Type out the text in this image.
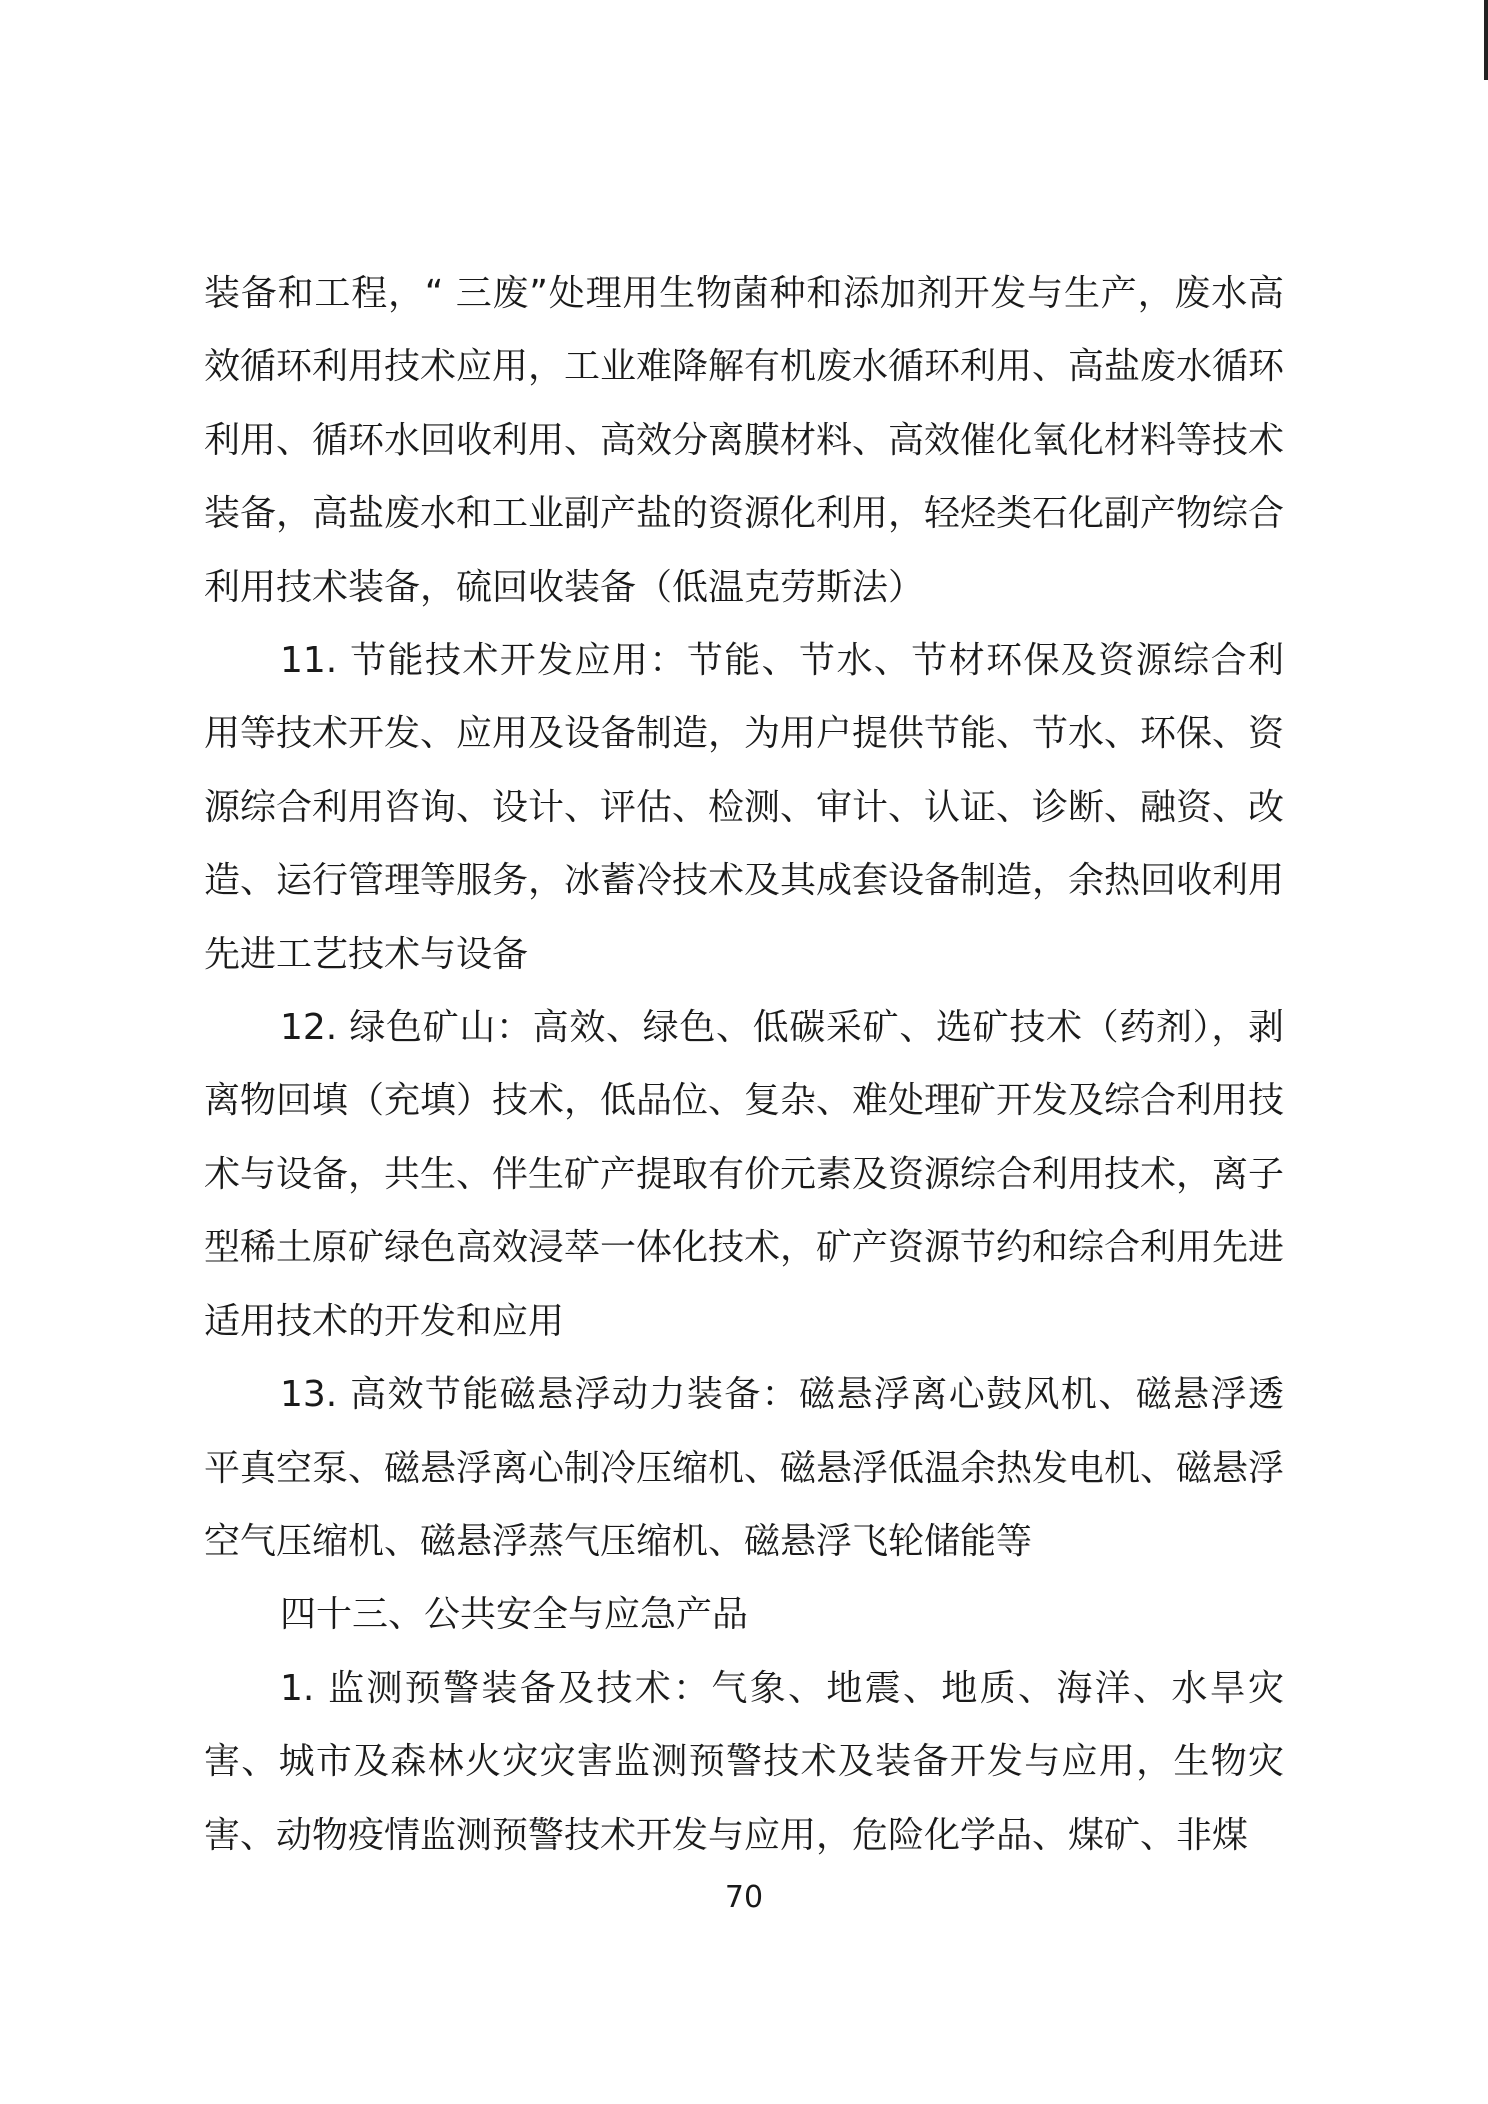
装备和工程，“ 三废”处理用生物菌种和添加剂开发与生产，废水高效循环利用技术应用，工业难降解有机废水循环利用、高盐废水循环利用、循环水回收利用、高效分离膜材料、高效催化氧化材料等技术装备，高盐废水和工业副产盐的资源化利用，轻烃类石化副产物综合利用技术装备，硫回收装备（低温克劳斯法）

11. 节能技术开发应用：节能、节水、节材环保及资源综合利用等技术开发、应用及设备制造，为用户提供节能、节水、环保、资源综合利用咨询、设计、评估、检测、审计、认证、诊断、融资、改造、运行管理等服务，冰蓄冷技术及其成套设备制造，余热回收利用先进工艺技术与设备

12. 绿色矿山：高效、绿色、低碳采矿、选矿技术（药剂），剥离物回填（充填）技术，低品位、复杂、难处理矿开发及综合利用技术与设备，共生、伴生矿产提取有价元素及资源综合利用技术，离子型稀土原矿绿色高效浸萃一体化技术，矿产资源节约和综合利用先进适用技术的开发和应用

13. 高效节能磁悬浮动力装备：磁悬浮离心鼓风机、磁悬浮透平真空泵、磁悬浮离心制冷压缩机、磁悬浮低温余热发电机、磁悬浮空气压缩机、磁悬浮蒸气压缩机、磁悬浮飞轮储能等

四十三、公共安全与应急产品

1. 监测预警装备及技术：气象、地震、地质、海洋、水旱灾害、城市及森林火灾灾害监测预警技术及装备开发与应用，生物灾害、动物疫情监测预警技术开发与应用，危险化学品、煤矿、非煤

70
